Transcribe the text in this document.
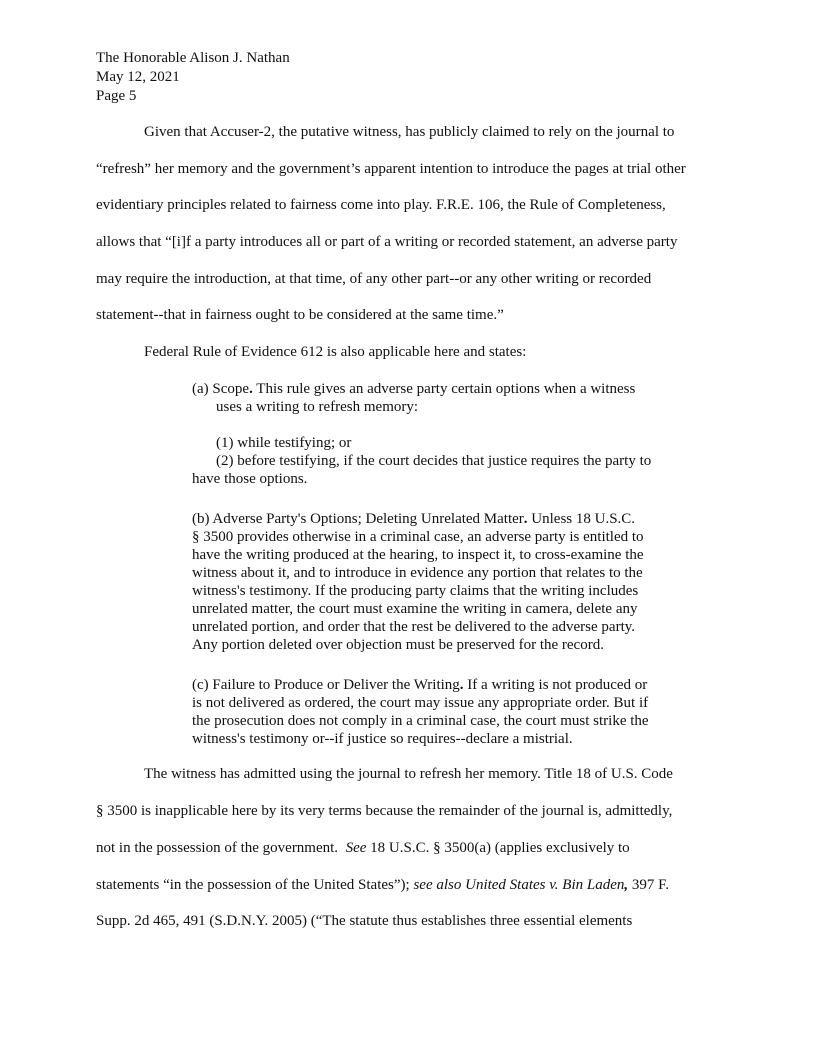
The Honorable Alison J. Nathan
May 12, 2021
Page 5
Given that Accuser-2, the putative witness, has publicly claimed to rely on the journal to
“refresh” her memory and the government’s apparent intention to introduce the pages at trial other
evidentiary principles related to fairness come into play. F.R.E. 106, the Rule of Completeness,
allows that “[i]f a party introduces all or part of a writing or recorded statement, an adverse party
may require the introduction, at that time, of any other part--or any other writing or recorded
statement--that in fairness ought to be considered at the same time.”
Federal Rule of Evidence 612 is also applicable here and states:
(a) Scope. This rule gives an adverse party certain options when a witness
uses a writing to refresh memory:
(1) while testifying; or
(2) before testifying, if the court decides that justice requires the party to
have those options.
(b) Adverse Party's Options; Deleting Unrelated Matter. Unless 18 U.S.C.
§ 3500 provides otherwise in a criminal case, an adverse party is entitled to
have the writing produced at the hearing, to inspect it, to cross-examine the
witness about it, and to introduce in evidence any portion that relates to the
witness's testimony. If the producing party claims that the writing includes
unrelated matter, the court must examine the writing in camera, delete any
unrelated portion, and order that the rest be delivered to the adverse party.
Any portion deleted over objection must be preserved for the record.
(c) Failure to Produce or Deliver the Writing. If a writing is not produced or
is not delivered as ordered, the court may issue any appropriate order. But if
the prosecution does not comply in a criminal case, the court must strike the
witness's testimony or--if justice so requires--declare a mistrial.
The witness has admitted using the journal to refresh her memory. Title 18 of U.S. Code
§ 3500 is inapplicable here by its very terms because the remainder of the journal is, admittedly,
not in the possession of the government.  See 18 U.S.C. § 3500(a) (applies exclusively to
statements “in the possession of the United States”); see also United States v. Bin Laden, 397 F.
Supp. 2d 465, 491 (S.D.N.Y. 2005) (“The statute thus establishes three essential elements
